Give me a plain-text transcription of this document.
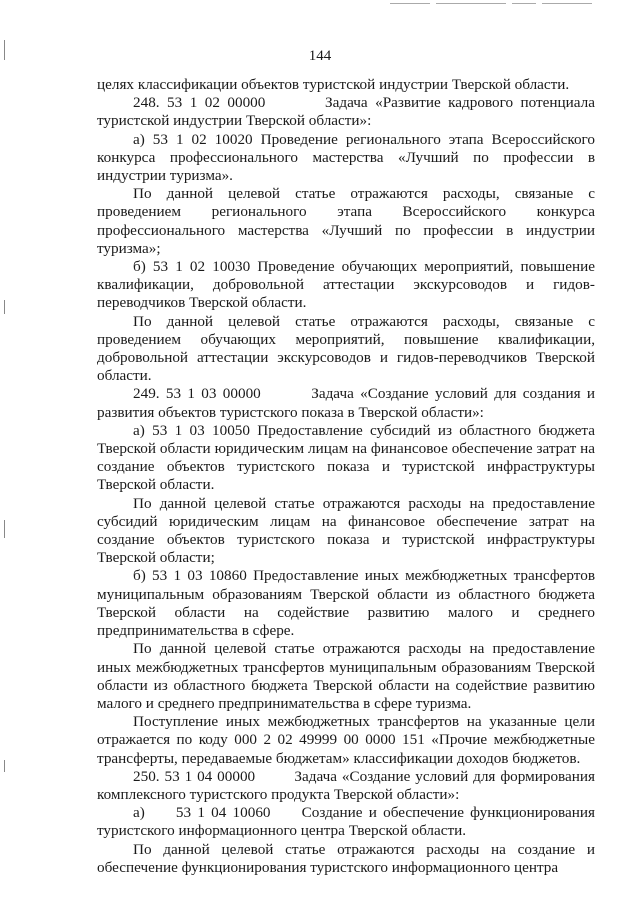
144

целях классификации объектов туристской индустрии Тверской области.

248. 53 1 02 00000        Задача «Развитие кадрового потенциала туристской индустрии Тверской области»:

а) 53 1 02 10020 Проведение регионального этапа Всероссийского конкурса профессионального мастерства «Лучший по профессии в индустрии туризма».

По данной целевой статье отражаются расходы, связаные с проведением регионального этапа Всероссийского конкурса профессионального мастерства «Лучший по профессии в индустрии туризма»;

б) 53 1 02 10030 Проведение обучающих мероприятий, повышение квалификации, добровольной аттестации экскурсоводов и гидов-переводчиков Тверской области.

По данной целевой статье отражаются расходы, связаные с проведением обучающих мероприятий, повышение квалификации, добровольной аттестации экскурсоводов и гидов-переводчиков Тверской области.

249. 53 1 03 00000        Задача «Создание условий для создания и развития объектов туристского показа в Тверской области»:

а) 53 1 03 10050 Предоставление субсидий из областного бюджета Тверской области юридическим лицам на финансовое обеспечение затрат на создание объектов туристского показа и туристской инфраструктуры Тверской области.

По данной целевой статье отражаются расходы на предоставление субсидий юридическим лицам на финансовое обеспечение затрат на создание объектов туристского показа и туристской инфраструктуры Тверской области;

б) 53 1 03 10860 Предоставление иных межбюджетных трансфертов муниципальным образованиям Тверской области из областного бюджета Тверской области на содействие развитию малого и среднего предпринимательства в сфере.

По данной целевой статье отражаются расходы на предоставление иных межбюджетных трансфертов муниципальным образованиям Тверской области из областного бюджета Тверской области на содействие развитию малого и среднего предпринимательства в сфере туризма.

Поступление иных межбюджетных трансфертов на указанные цели отражается по коду 000 2 02 49999 00 0000 151 «Прочие межбюджетные трансферты, передаваемые бюджетам» классификации доходов бюджетов.

250. 53 1 04 00000        Задача «Создание условий для формирования комплексного туристского продукта Тверской области»:

а)     53 1 04 10060     Создание и обеспечение функционирования туристского информационного центра Тверской области.

По данной целевой статье отражаются расходы на создание и обеспечение функционирования туристского информационного центра
